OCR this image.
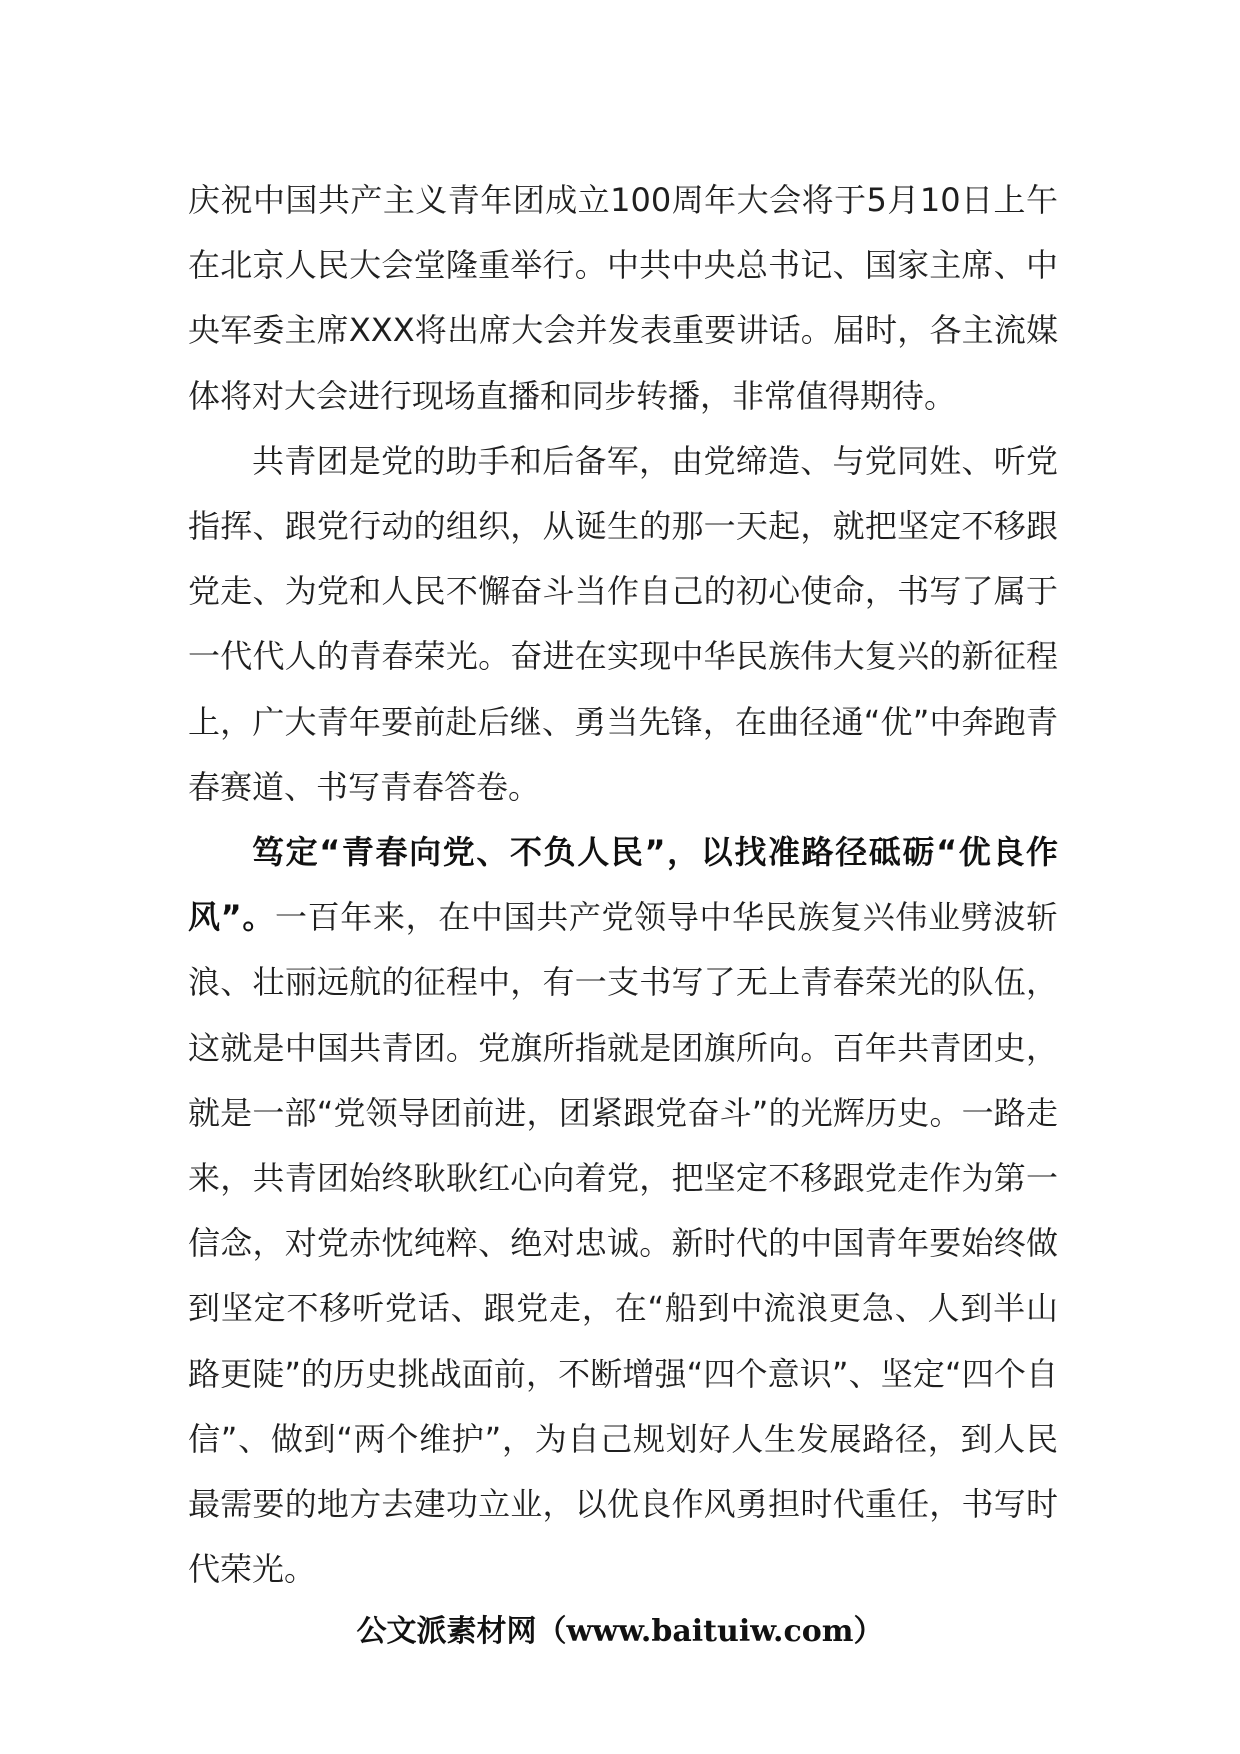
庆祝中国共产主义青年团成立100周年大会将于5月10日上午在北京人民大会堂隆重举行。中共中央总书记、国家主席、中央军委主席XXX将出席大会并发表重要讲话。届时，各主流媒体将对大会进行现场直播和同步转播，非常值得期待。

共青团是党的助手和后备军，由党缔造、与党同姓、听党指挥、跟党行动的组织，从诞生的那一天起，就把坚定不移跟党走、为党和人民不懈奋斗当作自己的初心使命，书写了属于一代代人的青春荣光。奋进在实现中华民族伟大复兴的新征程上，广大青年要前赴后继、勇当先锋，在曲径通“优”中奔跑青春赛道、书写青春答卷。

笃定“青春向党、不负人民”，以找准路径砥砺“优良作风”。一百年来，在中国共产党领导中华民族复兴伟业劈波斩浪、壮丽远航的征程中，有一支书写了无上青春荣光的队伍，这就是中国共青团。党旗所指就是团旗所向。百年共青团史，就是一部“党领导团前进，团紧跟党奋斗”的光辉历史。一路走来，共青团始终耿耿红心向着党，把坚定不移跟党走作为第一信念，对党赤忱纯粹、绝对忠诚。新时代的中国青年要始终做到坚定不移听党话、跟党走，在“船到中流浪更急、人到半山路更陡”的历史挑战面前，不断增强“四个意识”、坚定“四个自信”、做到“两个维护”，为自己规划好人生发展路径，到人民最需要的地方去建功立业，以优良作风勇担时代重任，书写时代荣光。

公文派素材网（www.baituiw.com）
